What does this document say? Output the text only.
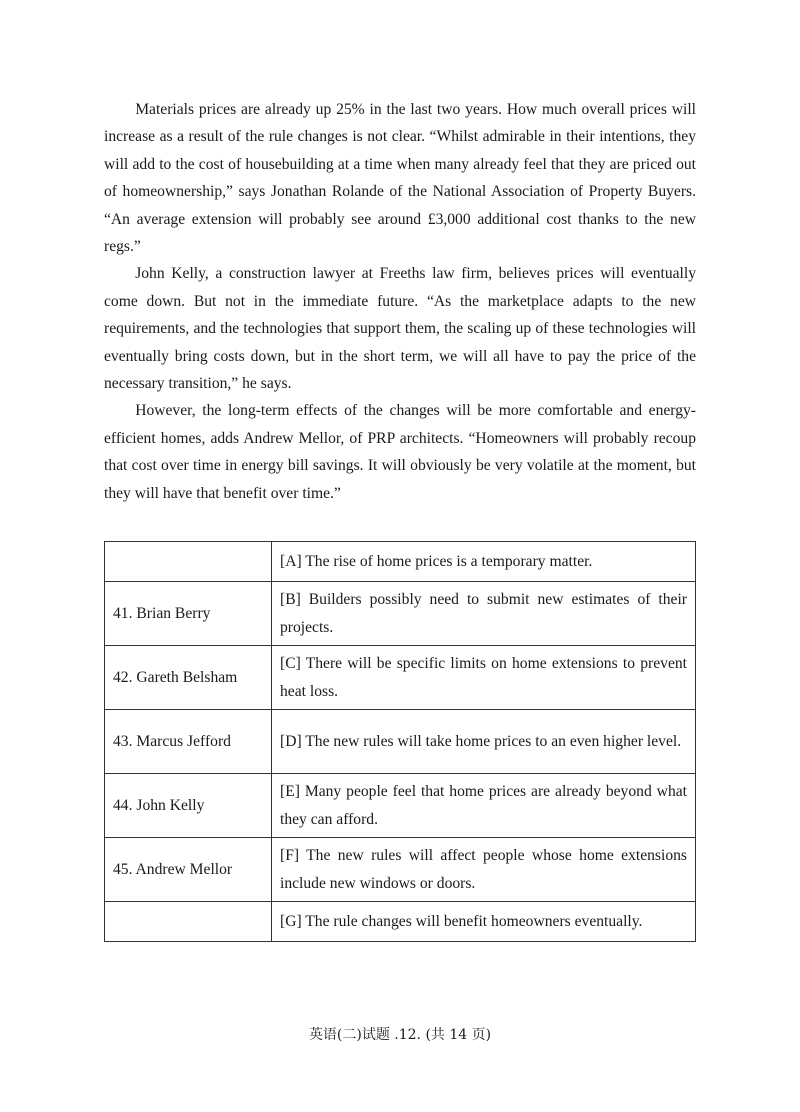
Materials prices are already up 25% in the last two years. How much overall prices will increase as a result of the rule changes is not clear. “Whilst admirable in their intentions, they will add to the cost of housebuilding at a time when many already feel that they are priced out of homeownership,” says Jonathan Rolande of the National Association of Property Buyers. “An average extension will probably see around £3,000 additional cost thanks to the new regs.”

John Kelly, a construction lawyer at Freeths law firm, believes prices will eventually come down. But not in the immediate future. “As the marketplace adapts to the new requirements, and the technologies that support them, the scaling up of these technologies will eventually bring costs down, but in the short term, we will all have to pay the price of the necessary transition,” he says.

However, the long-term effects of the changes will be more comfortable and energy-efficient homes, adds Andrew Mellor, of PRP architects. “Homeowners will probably recoup that cost over time in energy bill savings. It will obviously be very volatile at the moment, but they will have that benefit over time.”

	[A] The rise of home prices is a temporary matter.
41. Brian Berry	[B] Builders possibly need to submit new estimates of their projects.
42. Gareth Belsham	[C] There will be specific limits on home extensions to prevent heat loss.
43. Marcus Jefford	[D] The new rules will take home prices to an even higher level.
44. John Kelly	[E] Many people feel that home prices are already beyond what they can afford.
45. Andrew Mellor	[F] The new rules will affect people whose home extensions include new windows or doors.
	[G] The rule changes will benefit homeowners eventually.
英语(二)试题 .12. (共 14 页)
